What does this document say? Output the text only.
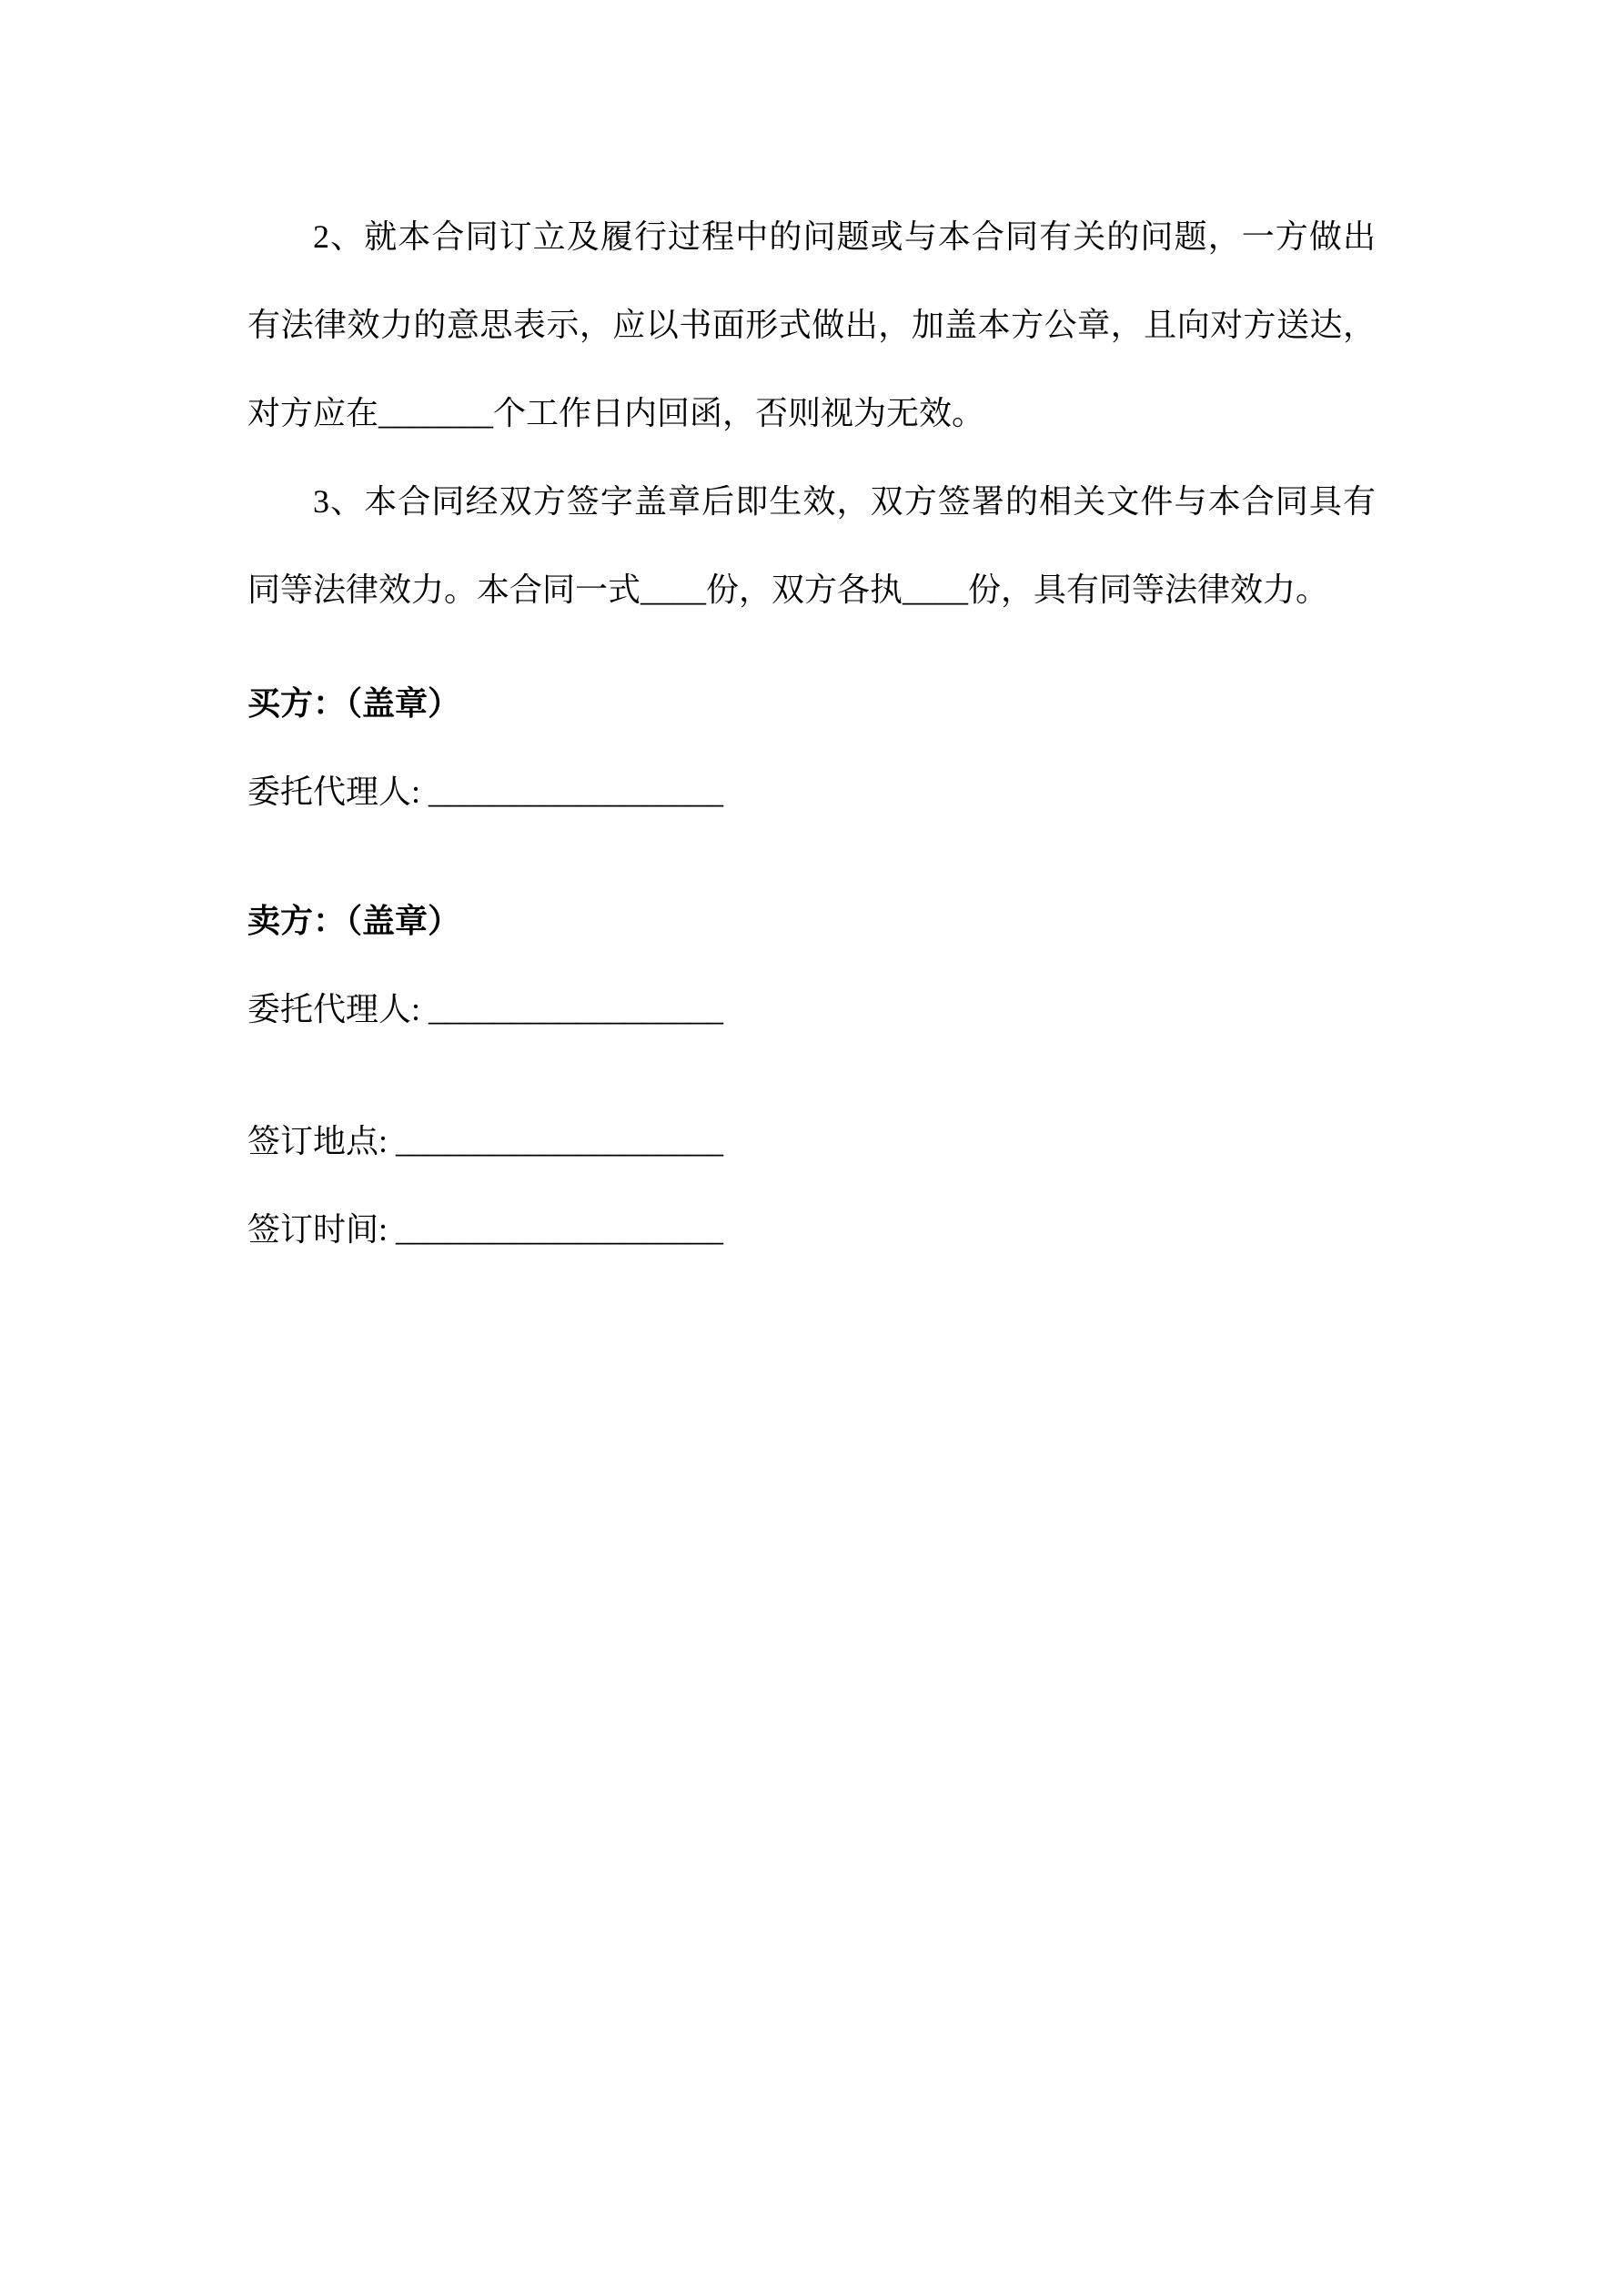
2、就本合同订立及履行过程中的问题或与本合同有关的问题，一方做出有法律效力的意思表示，应以书面形式做出，加盖本方公章，且向对方送达，对方应在_______个工作日内回函，否则视为无效。

3、本合同经双方签字盖章后即生效，双方签署的相关文件与本合同具有同等法律效力。本合同一式____份，双方各执____份，具有同等法律效力。

买方：（盖章）

委托代理人: __________________

卖方：（盖章）

委托代理人: __________________

签订地点: ____________________

签订时间: ____________________
